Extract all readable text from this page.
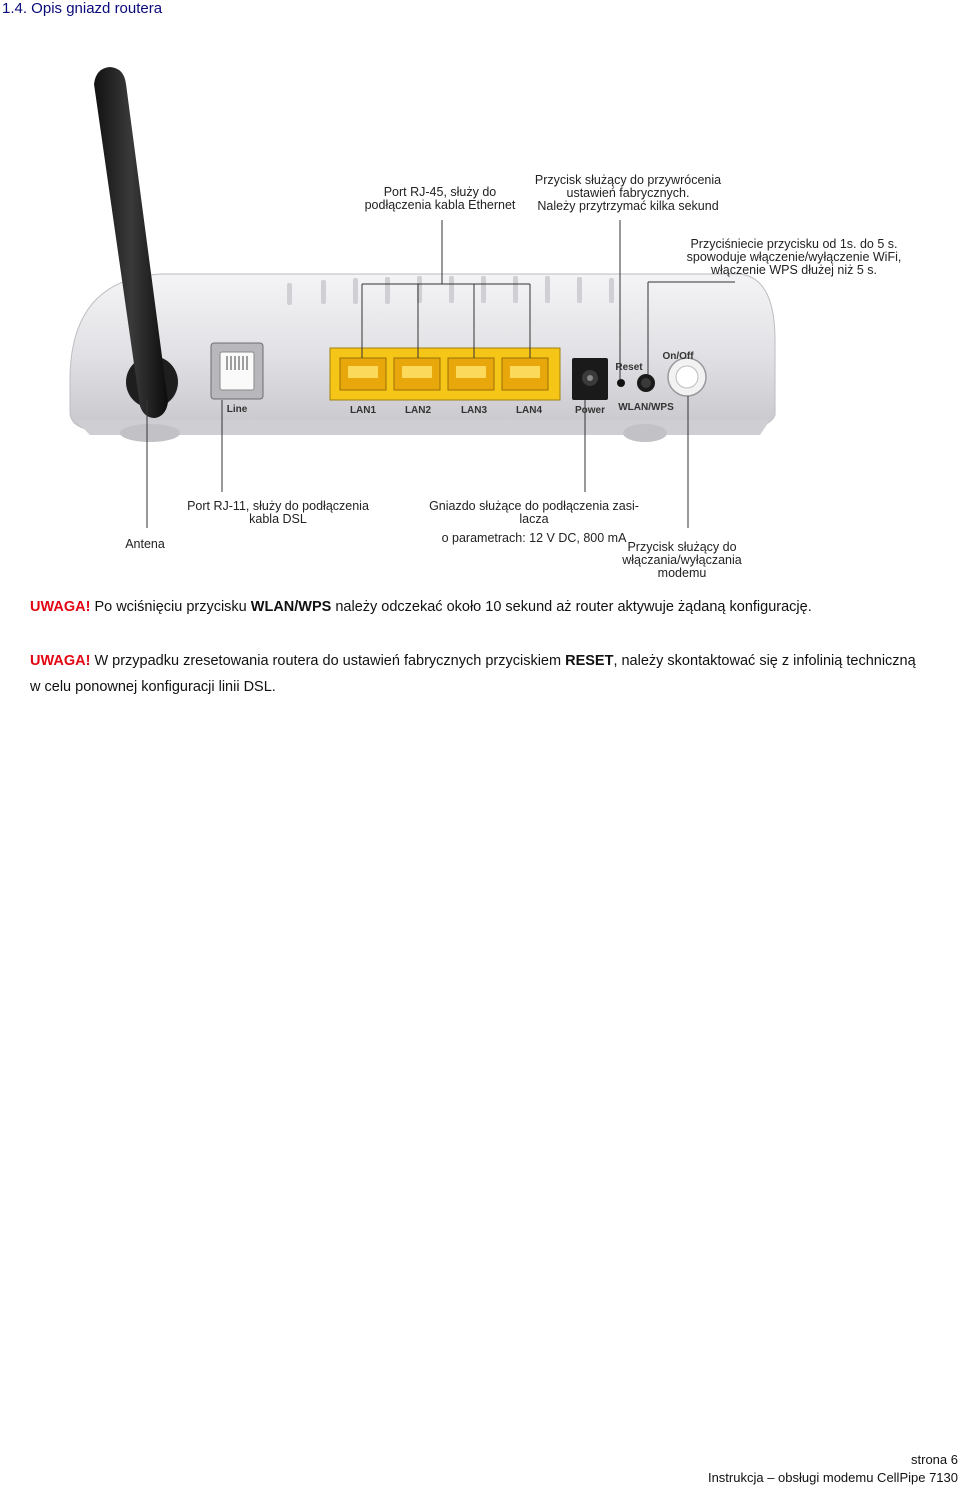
1.4. Opis gniazd routera
Line	LAN1	LAN2	LAN3	LAN4	Power
Reset
WLAN/WPS
On/Off
Port RJ-45, służy do
podłączenia kabla Ethernet
Przycisk służący do przywrócenia
ustawień fabrycznych.
Należy przytrzymać kilka sekund
Przyciśniecie przycisku od 1s. do 5 s.
spowoduje włączenie/wyłączenie WiFi,
włączenie WPS dłużej niż 5 s.
Antena
Port RJ-11, służy do podłączenia
kabla DSL
Gniazdo służące do podłączenia zasi-
lacza
o parametrach: 12 V DC, 800 mA
Przycisk służący do
włączania/wyłączania
modemu
UWAGA! Po wciśnięciu przycisku WLAN/WPS należy odczekać około 10 sekund aż router aktywuje żądaną konfigurację.
UWAGA! W przypadku zresetowania routera do ustawień fabrycznych przyciskiem RESET, należy skontaktować się z infolinią techniczną w celu ponownej konfiguracji linii DSL.
strona 6
Instrukcja – obsługi modemu CellPipe 7130
